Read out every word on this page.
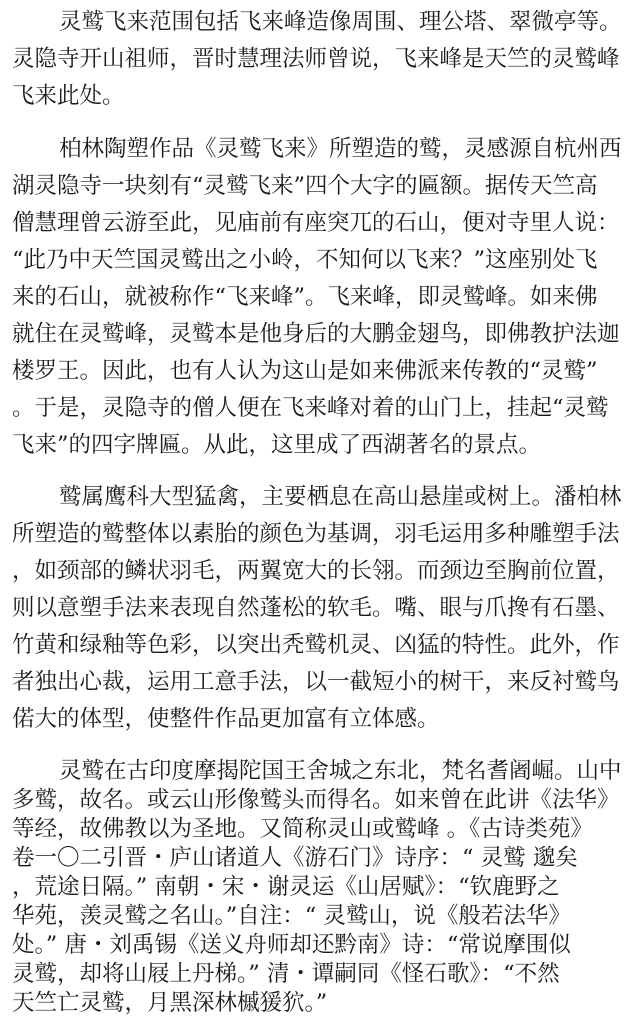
灵鹫飞来范围包括飞来峰造像周围、理公塔、翠微亭等。
灵隐寺开山祖师，晋时慧理法师曾说，飞来峰是天竺的灵鹫峰
飞来此处。
柏林陶塑作品《灵鹫飞来》所塑造的鹫，灵感源自杭州西
湖灵隐寺一块刻有“灵鹫飞来”四个大字的匾额。据传天竺高
僧慧理曾云游至此，见庙前有座突兀的石山，便对寺里人说：
“此乃中天竺国灵鹫出之小岭，不知何以飞来？”这座别处飞
来的石山，就被称作“飞来峰”。飞来峰，即灵鹫峰。如来佛
就住在灵鹫峰，灵鹫本是他身后的大鹏金翅鸟，即佛教护法迦
楼罗王。因此，也有人认为这山是如来佛派来传教的“灵鹫”
。于是，灵隐寺的僧人便在飞来峰对着的山门上，挂起“灵鹫
飞来”的四字牌匾。从此，这里成了西湖著名的景点。
鹫属鹰科大型猛禽，主要栖息在高山悬崖或树上。潘柏林
所塑造的鹫整体以素胎的颜色为基调，羽毛运用多种雕塑手法
，如颈部的鳞状羽毛，两翼宽大的长翎。而颈边至胸前位置，
则以意塑手法来表现自然蓬松的软毛。嘴、眼与爪搀有石墨、
竹黄和绿釉等色彩，以突出秃鹫机灵、凶猛的特性。此外，作
者独出心裁，运用工意手法，以一截短小的树干，来反衬鹫鸟
偌大的体型，使整件作品更加富有立体感。
灵鹫在古印度摩揭陀国王舍城之东北，梵名耆阇崛。山中
多鹫，故名。或云山形像鹫头而得名。如来曾在此讲《法华》
等经，故佛教以为圣地。又简称灵山或鹫峰 。《古诗类苑》
卷一〇二引晋・庐山诸道人《游石门》诗序：“ 灵鹫 邈矣
，荒途日隔。” 南朝・宋・谢灵运《山居赋》：“钦鹿野之
华苑，羡灵鹫之名山。”自注：“ 灵鹫山，说《般若法华》
处。” 唐・刘禹锡《送义舟师却还黔南》诗：“常说摩围似
灵鹫，却将山屐上丹梯。” 清・谭嗣同《怪石歌》：“不然
天竺亡灵鹫，月黑深林槭猨狖。”
